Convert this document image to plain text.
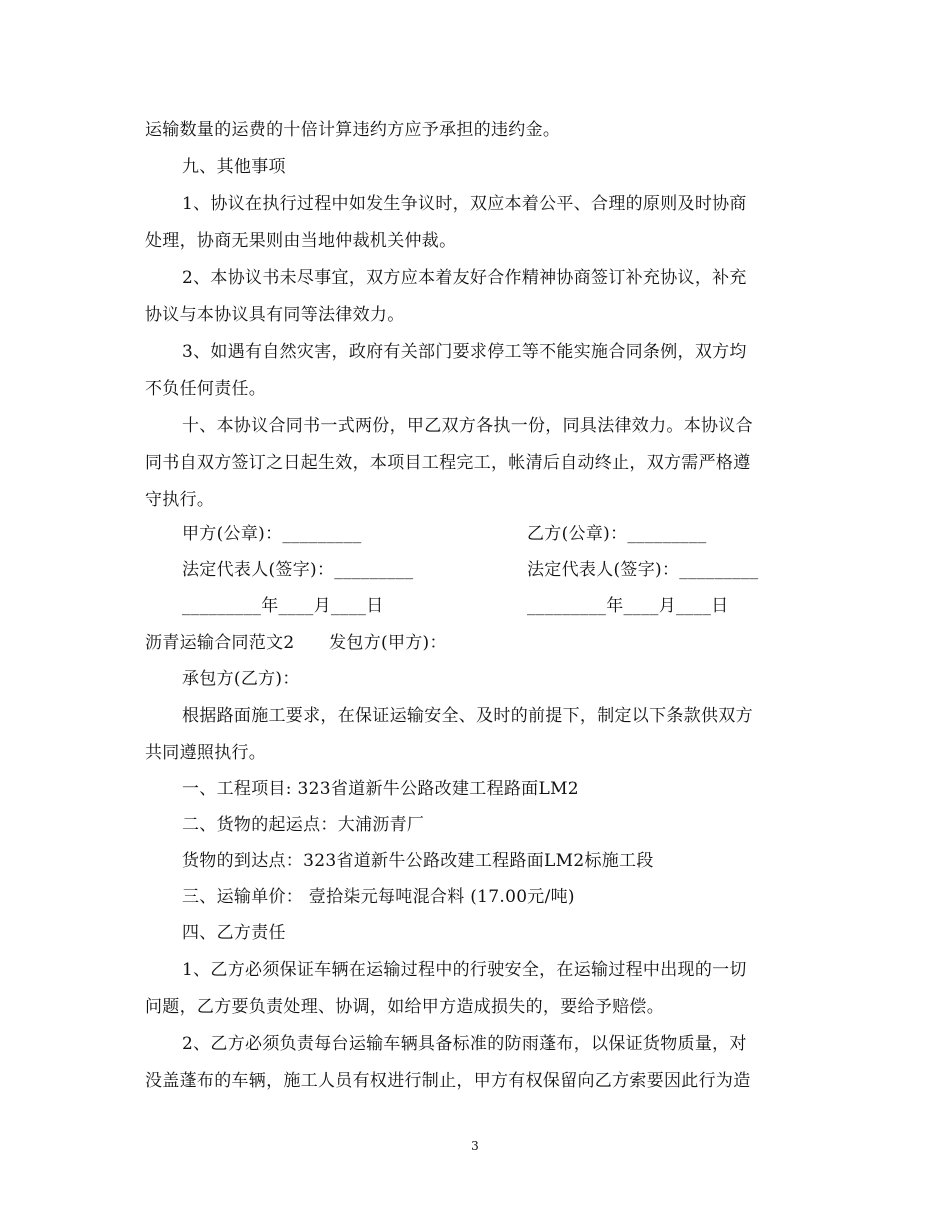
运输数量的运费的十倍计算违约方应予承担的违约金。
九、其他事项
1、协议在执行过程中如发生争议时，双应本着公平、合理的原则及时协商
处理，协商无果则由当地仲裁机关仲裁。
2、本协议书未尽事宜，双方应本着友好合作精神协商签订补充协议，补充
协议与本协议具有同等法律效力。
3、如遇有自然灾害，政府有关部门要求停工等不能实施合同条例，双方均
不负任何责任。
十、本协议合同书一式两份，甲乙双方各执一份，同具法律效力。本协议合
同书自双方签订之日起生效，本项目工程完工，帐清后自动终止，双方需严格遵
守执行。
甲方(公章)：_________	乙方(公章)：_________
法定代表人(签字)：_________	法定代表人(签字)：_________
_________年____月____日	_________年____月____日
沥青运输合同范文2　　发包方(甲方)：
承包方(乙方)：
根据路面施工要求，在保证运输安全、及时的前提下，制定以下条款供双方
共同遵照执行。
一、工程项目: 323省道新牛公路改建工程路面LM2
二、货物的起运点：大浦沥青厂
货物的到达点：323省道新牛公路改建工程路面LM2标施工段
三、运输单价： 壹拾柒元每吨混合料 (17.00元/吨)
四、乙方责任
1、乙方必须保证车辆在运输过程中的行驶安全，在运输过程中出现的一切
问题，乙方要负责处理、协调，如给甲方造成损失的，要给予赔偿。
2、乙方必须负责每台运输车辆具备标准的防雨蓬布，以保证货物质量，对
没盖蓬布的车辆，施工人员有权进行制止，甲方有权保留向乙方索要因此行为造
3
